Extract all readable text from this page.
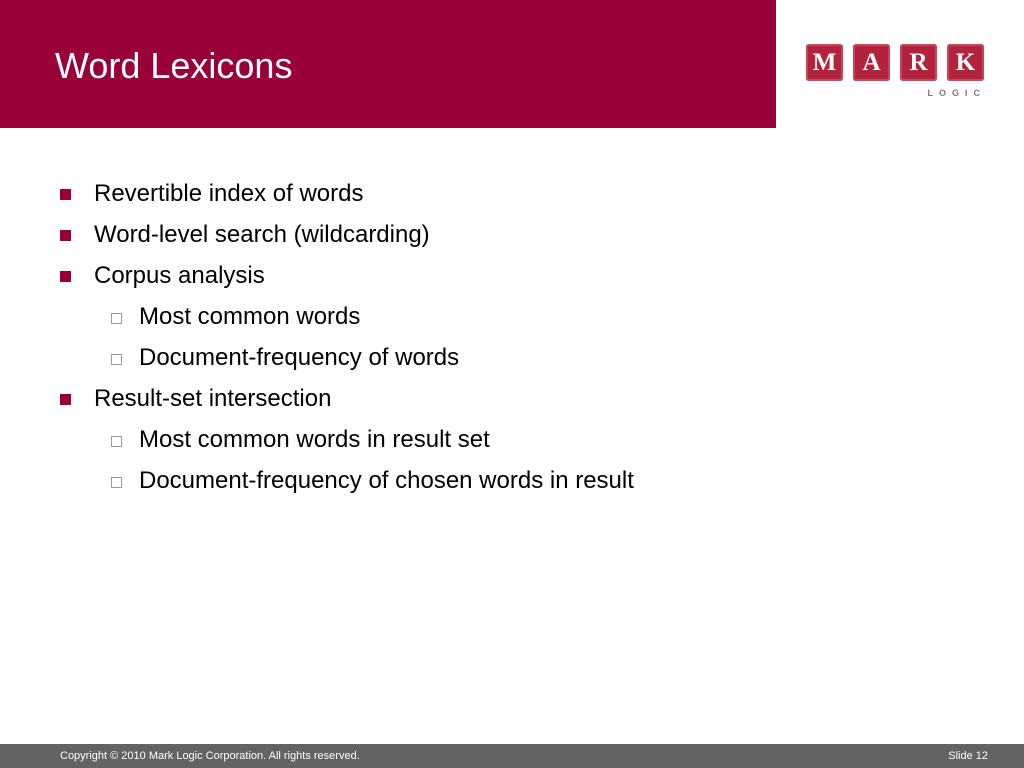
Word Lexicons	M	A	R	K
LOGIC
Revertible index of words
Word-level search (wildcarding)
Corpus analysis
Most common words
Document-frequency of words
Result-set intersection
Most common words in result set
Document-frequency of chosen words in result
Copyright © 2010 Mark Logic Corporation. All rights reserved.	Slide 12
